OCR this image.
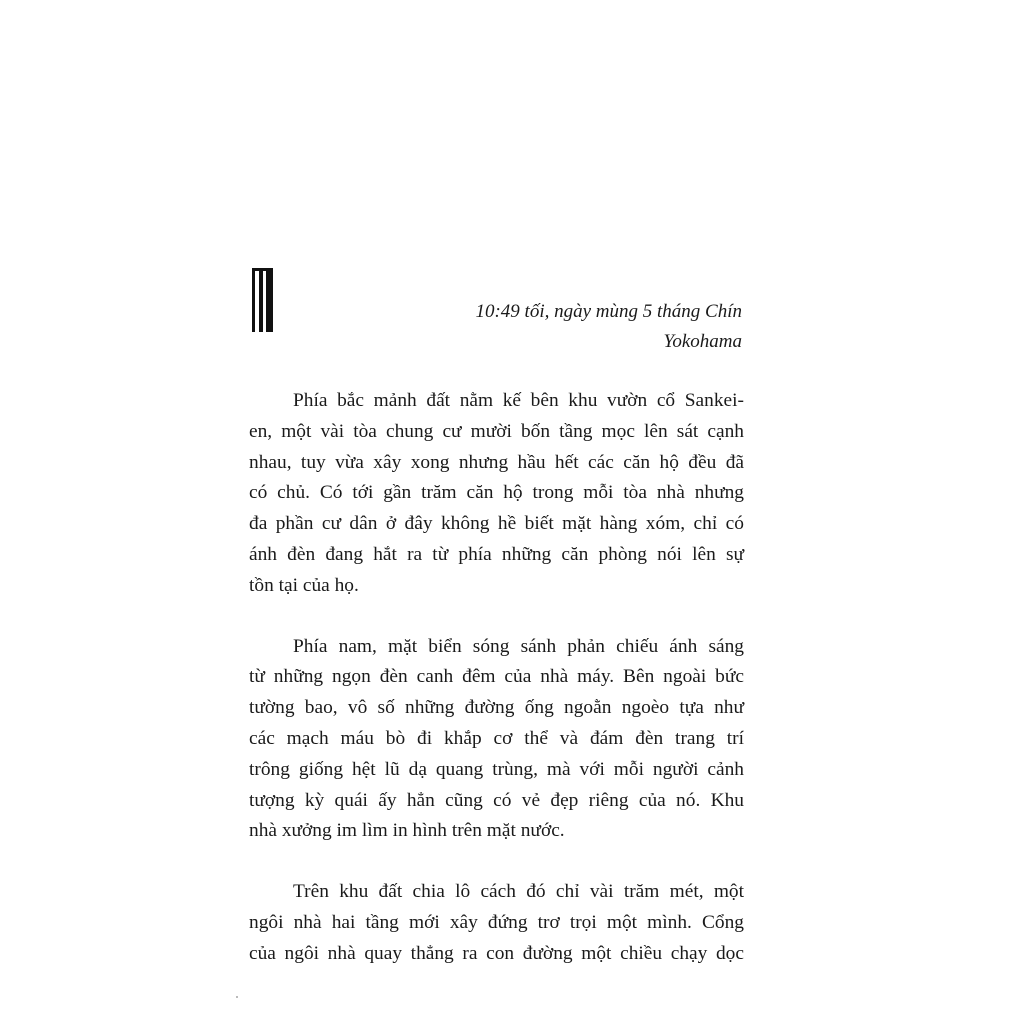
10:49 tối, ngày mùng 5 tháng Chín
Yokohama

Phía bắc mảnh đất nằm kế bên khu vườn cổ Sankei-
en, một vài tòa chung cư mười bốn tầng mọc lên sát cạnh
nhau, tuy vừa xây xong nhưng hầu hết các căn hộ đều đã
có chủ. Có tới gần trăm căn hộ trong mỗi tòa nhà nhưng
đa phần cư dân ở đây không hề biết mặt hàng xóm, chỉ có
ánh đèn đang hắt ra từ phía những căn phòng nói lên sự
tồn tại của họ.

Phía nam, mặt biển sóng sánh phản chiếu ánh sáng
từ những ngọn đèn canh đêm của nhà máy. Bên ngoài bức
tường bao, vô số những đường ống ngoằn ngoèo tựa như
các mạch máu bò đi khắp cơ thể và đám đèn trang trí
trông giống hệt lũ dạ quang trùng, mà với mỗi người cảnh
tượng kỳ quái ấy hẳn cũng có vẻ đẹp riêng của nó. Khu
nhà xưởng im lìm in hình trên mặt nước.

Trên khu đất chia lô cách đó chỉ vài trăm mét, một
ngôi nhà hai tầng mới xây đứng trơ trọi một mình. Cổng
của ngôi nhà quay thẳng ra con đường một chiều chạy dọc
